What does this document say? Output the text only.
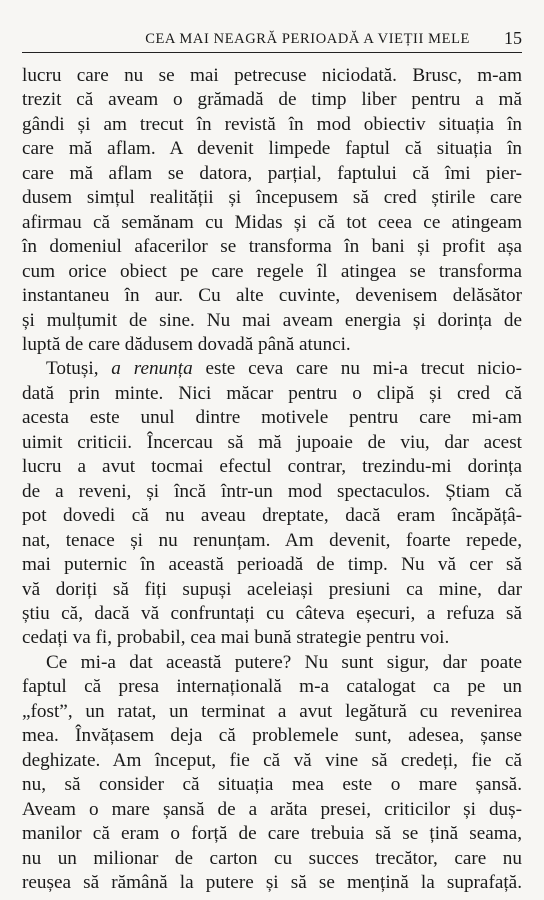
CEA MAI NEAGRĂ PERIOADĂ A VIEȚII MELE 15
lucru care nu se mai petrecuse niciodată. Brusc, m-am
trezit că aveam o grămadă de timp liber pentru a mă
gândi și am trecut în revistă în mod obiectiv situația în
care mă aflam. A devenit limpede faptul că situația în
care mă aflam se datora, parțial, faptului că îmi pier-
dusem simțul realității și începusem să cred știrile care
afirmau că semănam cu Midas și că tot ceea ce atingeam
în domeniul afacerilor se transforma în bani și profit așa
cum orice obiect pe care regele îl atingea se transforma
instantaneu în aur. Cu alte cuvinte, devenisem delăsător
și mulțumit de sine. Nu mai aveam energia și dorința de
luptă de care dădusem dovadă până atunci.
Totuși, a renunța este ceva care nu mi-a trecut nicio-
dată prin minte. Nici măcar pentru o clipă și cred că
acesta este unul dintre motivele pentru care mi-am
uimit criticii. Încercau să mă jupoaie de viu, dar acest
lucru a avut tocmai efectul contrar, trezindu-mi dorința
de a reveni, și încă într-un mod spectaculos. Știam că
pot dovedi că nu aveau dreptate, dacă eram încăpățâ-
nat, tenace și nu renunțam. Am devenit, foarte repede,
mai puternic în această perioadă de timp. Nu vă cer să
vă doriți să fiți supuși aceleiași presiuni ca mine, dar
știu că, dacă vă confruntați cu câteva eșecuri, a refuza să
cedați va fi, probabil, cea mai bună strategie pentru voi.
Ce mi-a dat această putere? Nu sunt sigur, dar poate
faptul că presa internațională m-a catalogat ca pe un
„fost”, un ratat, un terminat a avut legătură cu revenirea
mea. Învățasem deja că problemele sunt, adesea, șanse
deghizate. Am început, fie că vă vine să credeți, fie că
nu, să consider că situația mea este o mare șansă.
Aveam o mare șansă de a arăta presei, criticilor și duș-
manilor că eram o forță de care trebuia să se țină seama,
nu un milionar de carton cu succes trecător, care nu
reușea să rămână la putere și să se mențină la suprafață.
